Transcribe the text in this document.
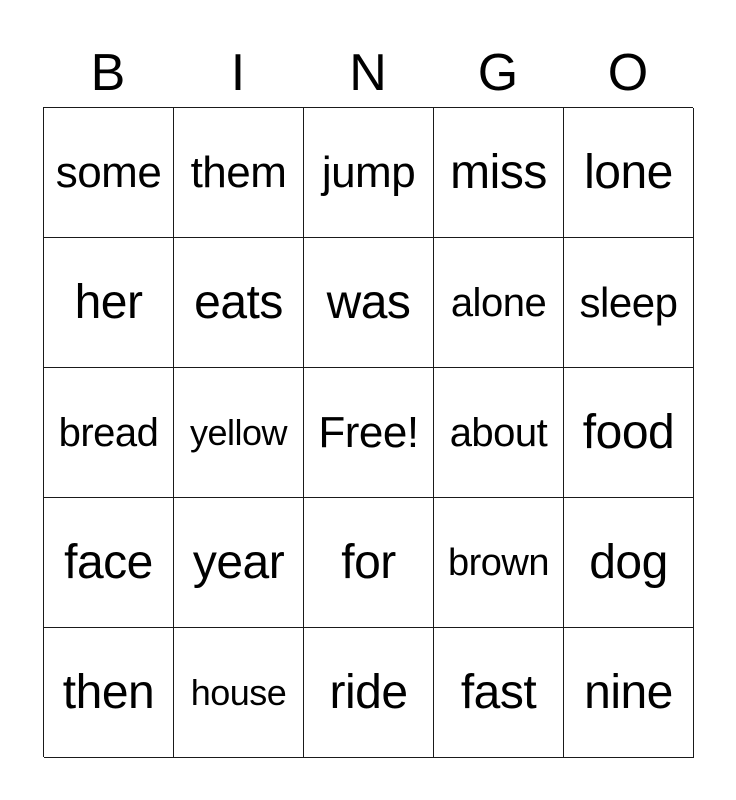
B	I	N	G	O
some them jump miss lone
her	eats was	alone sleep
bread yellow Free! about food
face year	for	brown dog
then	house ride	fast nine
